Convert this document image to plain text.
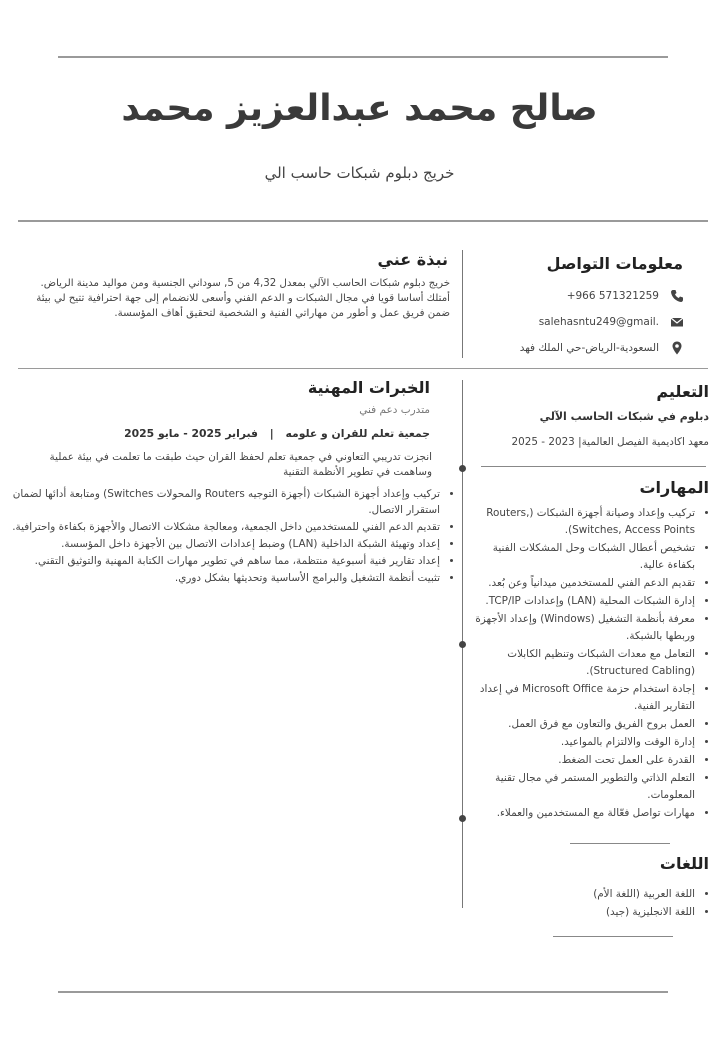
صالح محمد عبدالعزيز محمد
خريج دبلوم شبكات حاسب الي
معلومات التواصل
+966 571321259
salehasntu249@gmail.
السعودية-الرياض-حي الملك فهد
نبذة عني
خريج دبلوم شبكات الحاسب الآلي بمعدل 4,32 من 5, سوداني الجنسية ومن مواليد مدينة الرياض. أمتلك أساسا قويا في مجال الشبكات و الدعم الفني وأسعى للانضمام إلى جهة احترافية تتيح لي بيئة ضمن فريق عمل و أطور من مهاراتي الفنية و الشخصية لتحقيق أهاف المؤسسة.
التعليم
دبلوم في شبكات الحاسب الآلي
معهد اكاديمية الفيصل العالمية| 2023 - 2025
المهارات
• تركيب وإعداد وصيانة أجهزة الشبكات (,Routers Switches, Access Points).
• تشخيص أعطال الشبكات وحل المشكلات الفنية بكفاءة عالية.
• تقديم الدعم الفني للمستخدمين ميدانياً وعن بُعد.
• إدارة الشبكات المحلية (LAN) وإعدادات TCP/IP.
• معرفة بأنظمة التشغيل (Windows) وإعداد الأجهزة وربطها بالشبكة.
• التعامل مع معدات الشبكات وتنظيم الكابلات (Structured Cabling).
• إجادة استخدام حزمة Microsoft Office في إعداد التقارير الفنية.
• العمل بروح الفريق والتعاون مع فرق العمل.
• إدارة الوقت والالتزام بالمواعيد.
• القدرة على العمل تحت الضغط.
• التعلم الذاتي والتطوير المستمر في مجال تقنية المعلومات.
• مهارات تواصل فعّالة مع المستخدمين والعملاء.
اللغات
• اللغة العربية (اللغة الأم)
• اللغة الانجليزية (جيد)
الخبرات المهنية
متدرب دعم فني
جمعية تعلم للقران و علومه | فبراير 2025 - مايو 2025
انجزت تدريبي التعاوني في جمعية تعلم لحفظ القران حيث طبقت ما تعلمت في بيئة عملية وساهمت في تطوير الأنظمة التقنية
• تركيب وإعداد أجهزة الشبكات (أجهزة التوجيه Routers والمحولات Switches) ومتابعة أدائها لضمان استقرار الاتصال.
• تقديم الدعم الفني للمستخدمين داخل الجمعية، ومعالجة مشكلات الاتصال والأجهزة بكفاءة واحترافية.
• إعداد وتهيئة الشبكة الداخلية (LAN) وضبط إعدادات الاتصال بين الأجهزة داخل المؤسسة.
• إعداد تقارير فنية أسبوعية منتظمة، مما ساهم في تطوير مهارات الكتابة المهنية والتوثيق التقني.
• تثبيت أنظمة التشغيل والبرامج الأساسية وتحديثها بشكل دوري.
